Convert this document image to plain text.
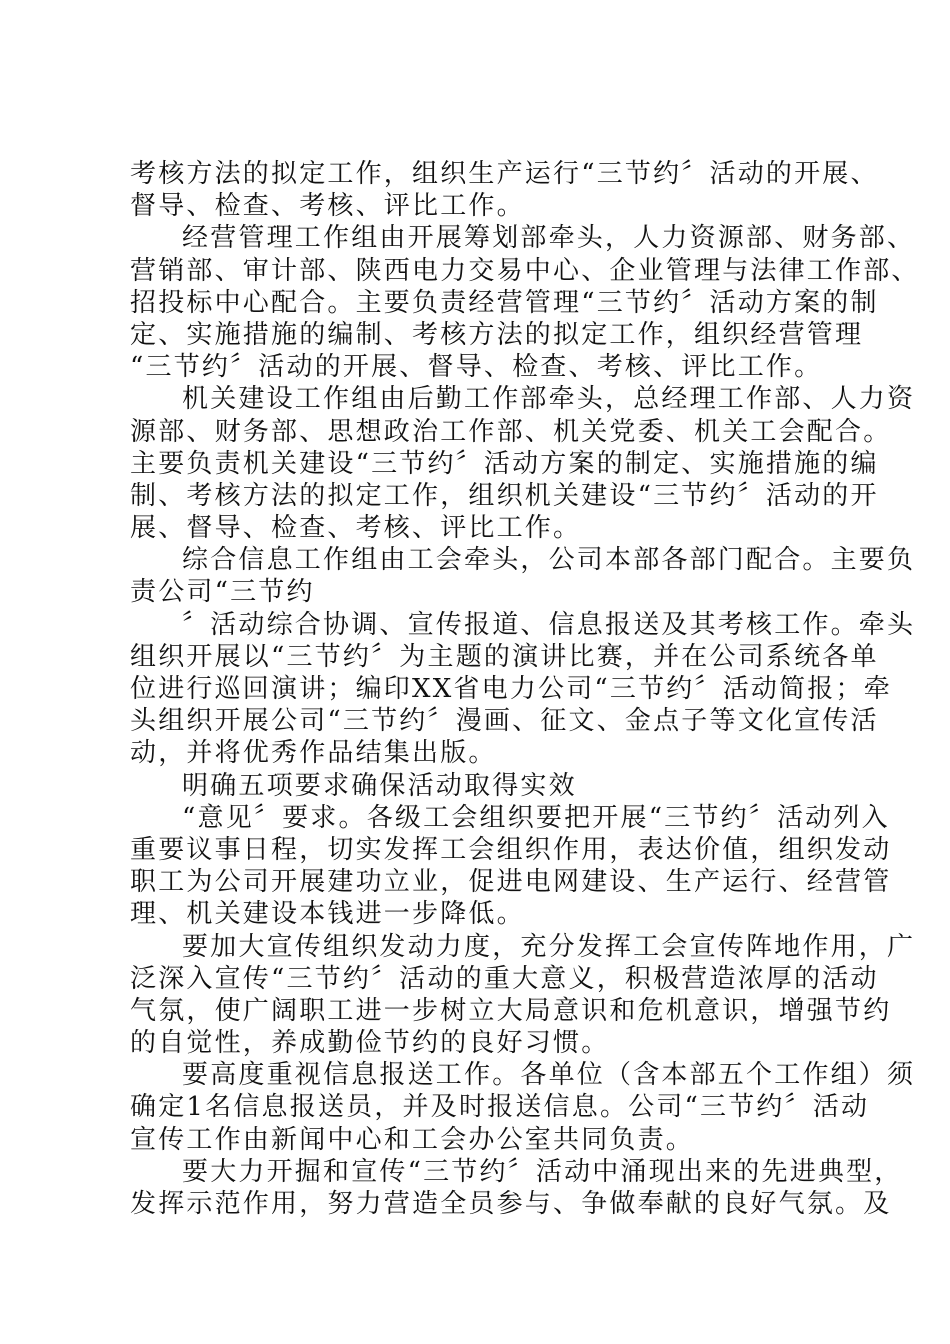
考核方法的拟定工作，组织生产运行“三节约〞活动的开展、
督导、检查、考核、评比工作。
经营管理工作组由开展筹划部牵头，人力资源部、财务部、
营销部、审计部、陕西电力交易中心、企业管理与法律工作部、
招投标中心配合。主要负责经营管理“三节约〞活动方案的制
定、实施措施的编制、考核方法的拟定工作，组织经营管理
“三节约〞活动的开展、督导、检查、考核、评比工作。
机关建设工作组由后勤工作部牵头，总经理工作部、人力资
源部、财务部、思想政治工作部、机关党委、机关工会配合。
主要负责机关建设“三节约〞活动方案的制定、实施措施的编
制、考核方法的拟定工作，组织机关建设“三节约〞活动的开
展、督导、检查、考核、评比工作。
综合信息工作组由工会牵头，公司本部各部门配合。主要负
责公司“三节约
〞活动综合协调、宣传报道、信息报送及其考核工作。牵头
组织开展以“三节约〞为主题的演讲比赛，并在公司系统各单
位进行巡回演讲；编印XX省电力公司“三节约〞活动简报；牵
头组织开展公司“三节约〞漫画、征文、金点子等文化宣传活
动，并将优秀作品结集出版。
明确五项要求确保活动取得实效
“意见〞要求。各级工会组织要把开展“三节约〞活动列入
重要议事日程，切实发挥工会组织作用，表达价值，组织发动
职工为公司开展建功立业，促进电网建设、生产运行、经营管
理、机关建设本钱进一步降低。
要加大宣传组织发动力度，充分发挥工会宣传阵地作用，广
泛深入宣传“三节约〞活动的重大意义，积极营造浓厚的活动
气氛，使广阔职工进一步树立大局意识和危机意识，增强节约
的自觉性，养成勤俭节约的良好习惯。
要高度重视信息报送工作。各单位（含本部五个工作组）须
确定1名信息报送员，并及时报送信息。公司“三节约〞活动
宣传工作由新闻中心和工会办公室共同负责。
要大力开掘和宣传“三节约〞活动中涌现出来的先进典型，
发挥示范作用，努力营造全员参与、争做奉献的良好气氛。及
